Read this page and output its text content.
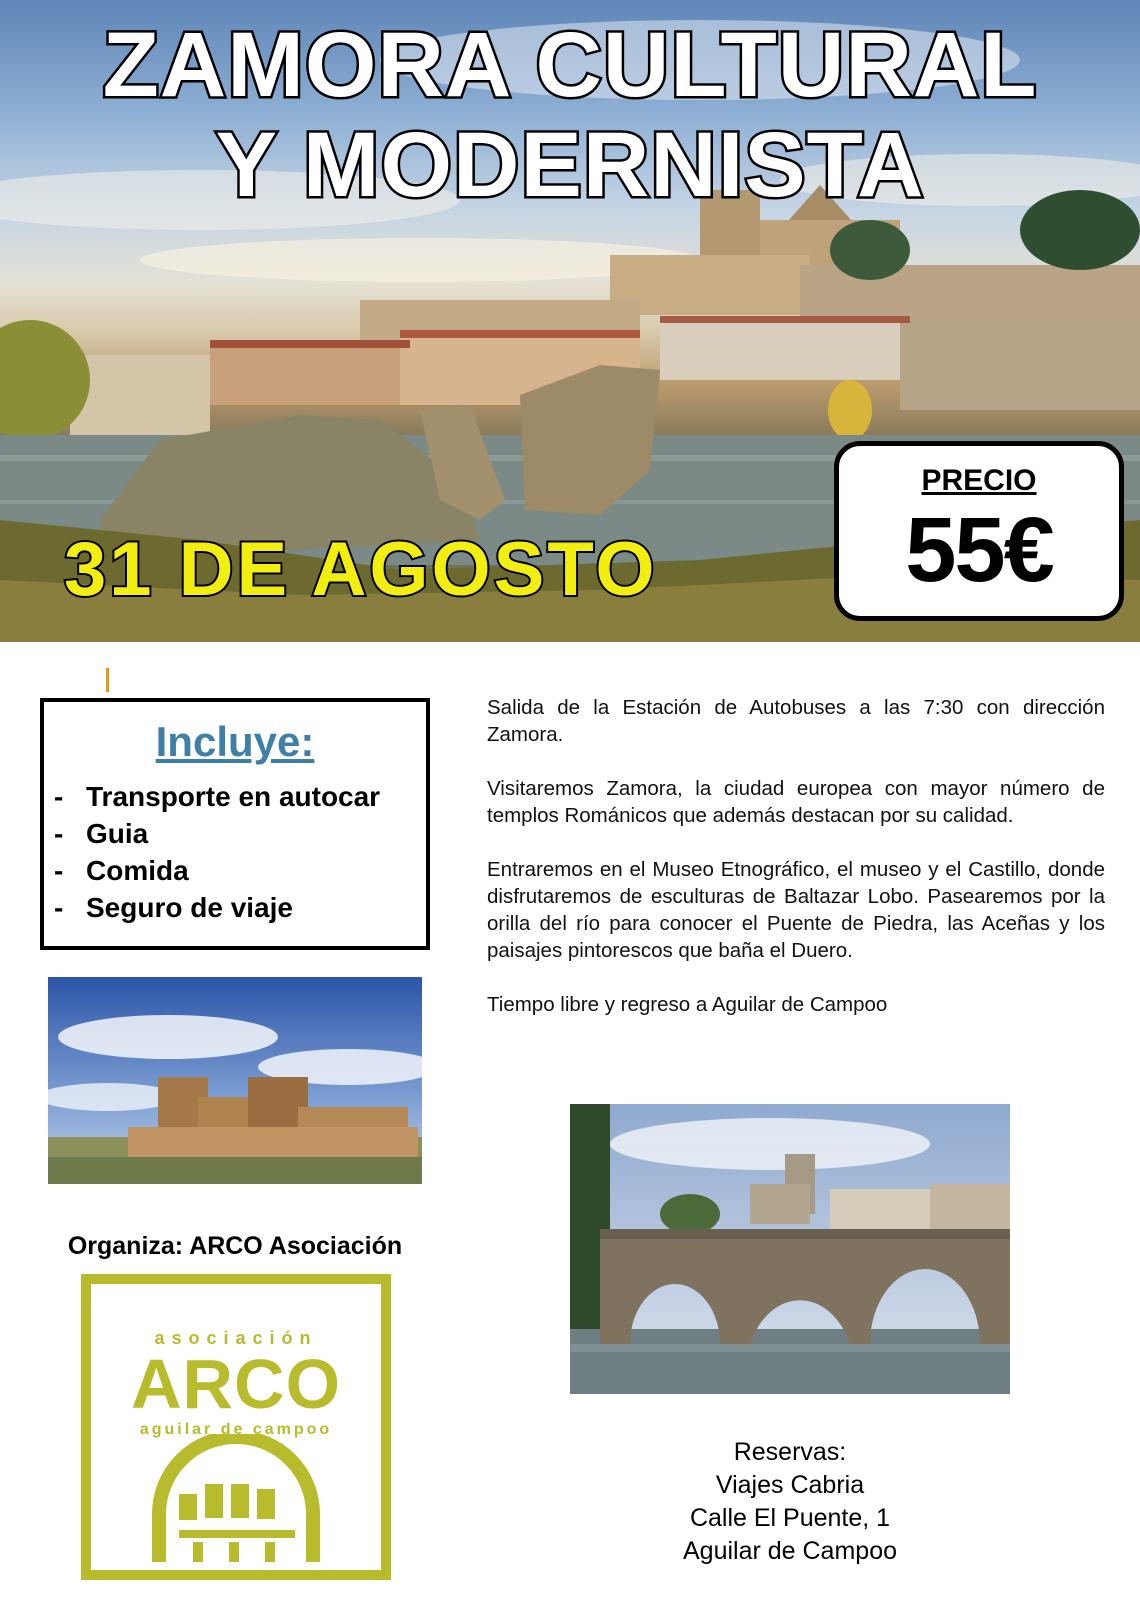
ZAMORA CULTURAL
Y MODERNISTA
31 DE AGOSTO
PRECIO
55€
Incluye:
- Transporte en autocar
- Guia
- Comida
- Seguro de viaje
Organiza: ARCO Asociación
asociación
ARCO
aguilar de campoo

Salida de la Estación de Autobuses a las 7:30 con dirección Zamora.

Visitaremos Zamora, la ciudad europea con mayor número de templos Románicos que además destacan por su calidad.

Entraremos en el Museo Etnográfico, el museo y el Castillo, donde disfrutaremos de esculturas de Baltazar Lobo. Pasearemos por la orilla del río para conocer el Puente de Piedra, las Aceñas y los paisajes pintorescos que baña el Duero.

Tiempo libre y regreso a Aguilar de Campoo

Reservas:
Viajes Cabria
Calle El Puente, 1
Aguilar de Campoo
